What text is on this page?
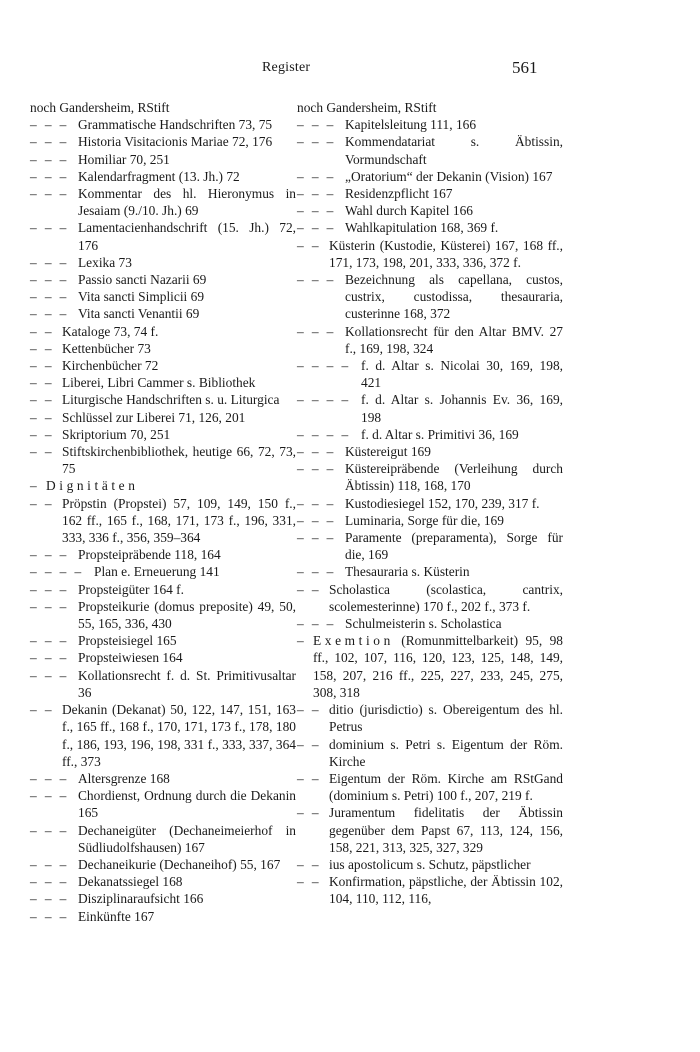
Register	561
noch Gandersheim, RStift
– – – Grammatische Handschriften 73, 75
– – – Historia Visitacionis Mariae 72, 176
– – – Homiliar 70, 251
– – – Kalendarfragment (13. Jh.) 72
– – – Kommentar des hl. Hieronymus in Jesaiam (9./10. Jh.) 69
– – – Lamentacienhandschrift (15. Jh.) 72, 176
– – – Lexika 73
– – – Passio sancti Nazarii 69
– – – Vita sancti Simplicii 69
– – – Vita sancti Venantii 69
– – Kataloge 73, 74 f.
– – Kettenbücher 73
– – Kirchenbücher 72
– – Liberei, Libri Cammer s. Bibliothek
– – Liturgische Handschriften s. u. Liturgica
– – Schlüssel zur Liberei 71, 126, 201
– – Skriptorium 70, 251
– – Stiftskirchenbibliothek, heutige 66, 72, 73, 75
– Dignitäten
– – Pröpstin (Propstei) 57, 109, 149, 150 f., 162 ff., 165 f., 168, 171, 173 f., 196, 331, 333, 336 f., 356, 359–364
– – – Propsteipräbende 118, 164
– – – – Plan e. Erneuerung 141
– – – Propsteigüter 164 f.
– – – Propsteikurie (domus preposite) 49, 50, 55, 165, 336, 430
– – – Propsteisiegel 165
– – – Propsteiwiesen 164
– – – Kollationsrecht f. d. St. Primitivusaltar 36
– – Dekanin (Dekanat) 50, 122, 147, 151, 163 f., 165 ff., 168 f., 170, 171, 173 f., 178, 180 f., 186, 193, 196, 198, 331 f., 333, 337, 364 ff., 373
– – – Altersgrenze 168
– – – Chordienst, Ordnung durch die Dekanin 165
– – – Dechaneigüter (Dechaneimeierhof in Südliudolfshausen) 167
– – – Dechaneikurie (Dechaneihof) 55, 167
– – – Dekanatssiegel 168
– – – Disziplinaraufsicht 166
– – – Einkünfte 167
noch Gandersheim, RStift
– – – Kapitelsleitung 111, 166
– – – Kommendatariat s. Äbtissin, Vormundschaft
– – – „Oratorium“ der Dekanin (Vision) 167
– – – Residenzpflicht 167
– – – Wahl durch Kapitel 166
– – – Wahlkapitulation 168, 369 f.
– – Küsterin (Kustodie, Küsterei) 167, 168 ff., 171, 173, 198, 201, 333, 336, 372 f.
– – – Bezeichnung als capellana, custos, custrix, custodissa, thesauraria, custerinne 168, 372
– – – Kollationsrecht für den Altar BMV. 27 f., 169, 198, 324
– – – – f. d. Altar s. Nicolai 30, 169, 198, 421
– – – – f. d. Altar s. Johannis Ev. 36, 169, 198
– – – – f. d. Altar s. Primitivi 36, 169
– – – Küstereigut 169
– – – Küstereipräbende (Verleihung durch Äbtissin) 118, 168, 170
– – – Kustodiesiegel 152, 170, 239, 317 f.
– – – Luminaria, Sorge für die, 169
– – – Paramente (preparamenta), Sorge für die, 169
– – – Thesauraria s. Küsterin
– – Scholastica (scolastica, cantrix, scolemesterinne) 170 f., 202 f., 373 f.
– – – Schulmeisterin s. Scholastica
– Exemtion (Romunmittelbarkeit) 95, 98 ff., 102, 107, 116, 120, 123, 125, 148, 149, 158, 207, 216 ff., 225, 227, 233, 245, 275, 308, 318
– – ditio (jurisdictio) s. Obereigentum des hl. Petrus
– – dominium s. Petri s. Eigentum der Röm. Kirche
– – Eigentum der Röm. Kirche am RStGand (dominium s. Petri) 100 f., 207, 219 f.
– – Juramentum fidelitatis der Äbtissin gegenüber dem Papst 67, 113, 124, 156, 158, 221, 313, 325, 327, 329
– – ius apostolicum s. Schutz, päpstlicher
– – Konfirmation, päpstliche, der Äbtissin 102, 104, 110, 112, 116,
